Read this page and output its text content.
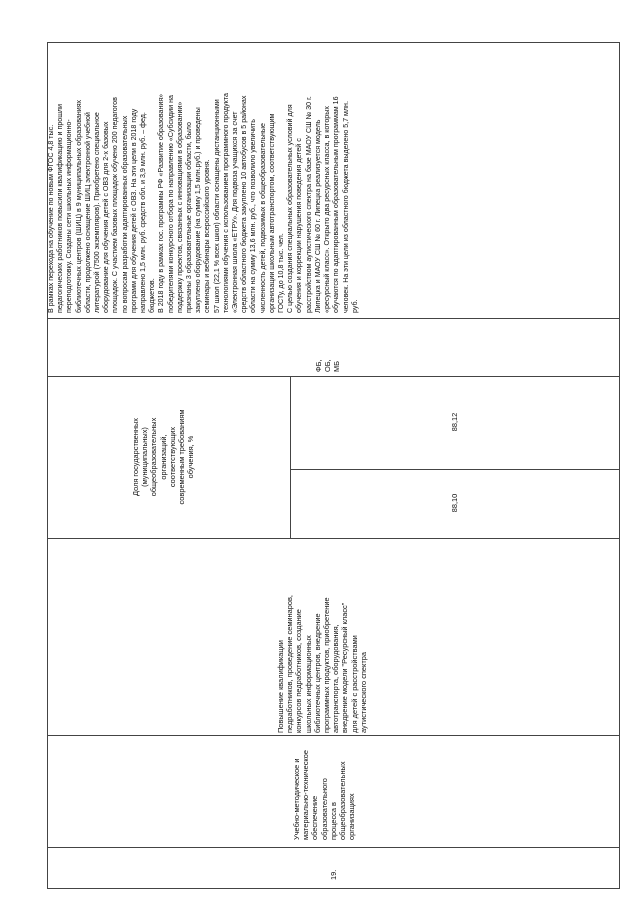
19.
Учебно-методическое и
материально-техническое
обеспечение
образовательного
процесса в
общеобразовательных
организациях
Повышение квалификации
педработников, проведение семинаров,
конкурсов педработников, создание
школьных информационных
библиотечных центров, внедрение
программных продуктов, приобретение
автотранспорта, оборудования,
внедрение модели "Ресурсный класс"
для детей с расстройствами
аутистического спектра
Доля государственных
(муниципальных)
общеобразовательных
организаций,
соответствующих
современным требованиям
обучения, %
88,10
88,12
ФБ,
ОБ,
МБ
В рамках перехода на обучение по новым ФГОС 4,8 тыс.
педагогических работников повысили квалификацию и прошли
переподготовку. Созданы сети школьных информационно-
библиотечных центров (ШИЦ) в 9 муниципальных образованиях
области, продолжено оснащение ШИЦ электронной учебной
литературой (7500 экземпляров). Приобретено специальное
оборудование для обучения детей с ОВЗ для 2-х базовых
площадок. С участием базовых площадок обучено 200 педагогов
по вопросам разработки адаптированных образовательных
программ для обучения детей с ОВЗ. На эти цели в 2018 году
направлено 1,5 млн. руб. средств обл. и 3,9 млн. руб. – фед.
бюджетов.
В 2018 году в рамках гос. программы РФ «Развитие образования»
победителями конкурсного отбора по направлению «Субсидии на
поддержку проектов, связанных с инновациями в образовании»
признаны 3 образовательные организации области, было
закуплено оборудование (на сумму 1,5 млн.руб.) и проведены
семинары и вебинары всероссийского уровня.
57 школ (22,1 % всех школ) области оснащены дистанционными
технологиями обучения с использованием программного продукта
«Электронная школа «ЕТРУ». Для подвоза учащихся за счет
средств областного бюджета закуплено 10 автобусов в 5 районах
области на сумму 13,6 млн. руб., что позволило увеличить
численность детей, подвозимых в общеобразовательные
организации школьным автотранспортом, соответствующим
ГОСТу, до 10,8 тыс. чел.
С целью создания специальных образовательных условий для
обучения и коррекции нарушения поведения детей с
расстройством аутистического спектра на базе МАОУ СШ № 30 г.
Липецка и МАОУ СШ № 60 г. Липецка реализуется модель
«ресурсный класс». Открыто два ресурсных класса, в которых
обучаются по адаптированным образовательным программам 16
человек. На эти цели из областного бюджета выделено 5,7 млн.
руб.
